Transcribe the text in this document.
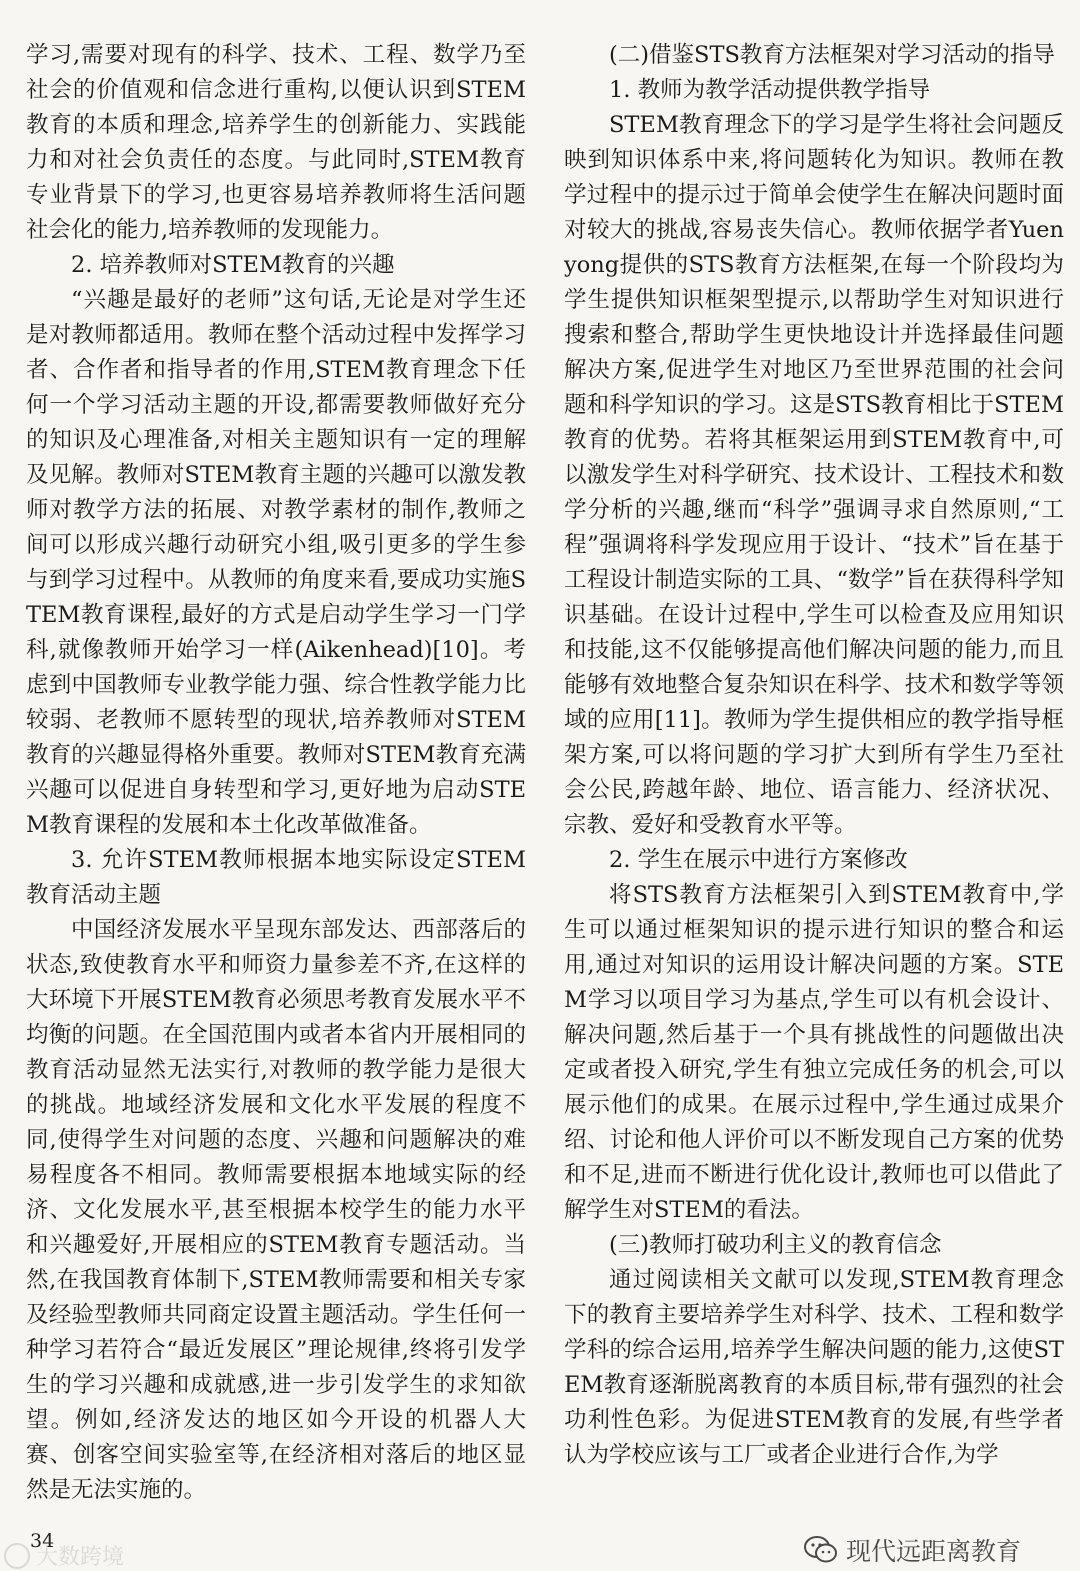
学习,需要对现有的科学、技术、工程、数学乃至社会的价值观和信念进行重构,以便认识到STEM教育的本质和理念,培养学生的创新能力、实践能力和对社会负责任的态度。与此同时,STEM教育专业背景下的学习,也更容易培养教师将生活问题社会化的能力,培养教师的发现能力。

2. 培养教师对STEM教育的兴趣

“兴趣是最好的老师”这句话,无论是对学生还是对教师都适用。教师在整个活动过程中发挥学习者、合作者和指导者的作用,STEM教育理念下任何一个学习活动主题的开设,都需要教师做好充分的知识及心理准备,对相关主题知识有一定的理解及见解。教师对STEM教育主题的兴趣可以激发教师对教学方法的拓展、对教学素材的制作,教师之间可以形成兴趣行动研究小组,吸引更多的学生参与到学习过程中。从教师的角度来看,要成功实施STEM教育课程,最好的方式是启动学生学习一门学科,就像教师开始学习一样(Aikenhead)[10]。考虑到中国教师专业教学能力强、综合性教学能力比较弱、老教师不愿转型的现状,培养教师对STEM教育的兴趣显得格外重要。教师对STEM教育充满兴趣可以促进自身转型和学习,更好地为启动STEM教育课程的发展和本土化改革做准备。

3. 允许STEM教师根据本地实际设定STEM教育活动主题

中国经济发展水平呈现东部发达、西部落后的状态,致使教育水平和师资力量参差不齐,在这样的大环境下开展STEM教育必须思考教育发展水平不均衡的问题。在全国范围内或者本省内开展相同的教育活动显然无法实行,对教师的教学能力是很大的挑战。地域经济发展和文化水平发展的程度不同,使得学生对问题的态度、兴趣和问题解决的难易程度各不相同。教师需要根据本地域实际的经济、文化发展水平,甚至根据本校学生的能力水平和兴趣爱好,开展相应的STEM教育专题活动。当然,在我国教育体制下,STEM教师需要和相关专家及经验型教师共同商定设置主题活动。学生任何一种学习若符合“最近发展区”理论规律,终将引发学生的学习兴趣和成就感,进一步引发学生的求知欲望。例如,经济发达的地区如今开设的机器人大赛、创客空间实验室等,在经济相对落后的地区显然是无法实施的。

(二)借鉴STS教育方法框架对学习活动的指导

1. 教师为教学活动提供教学指导

STEM教育理念下的学习是学生将社会问题反映到知识体系中来,将问题转化为知识。教师在教学过程中的提示过于简单会使学生在解决问题时面对较大的挑战,容易丧失信心。教师依据学者Yuenyong提供的STS教育方法框架,在每一个阶段均为学生提供知识框架型提示,以帮助学生对知识进行搜索和整合,帮助学生更快地设计并选择最佳问题解决方案,促进学生对地区乃至世界范围的社会问题和科学知识的学习。这是STS教育相比于STEM教育的优势。若将其框架运用到STEM教育中,可以激发学生对科学研究、技术设计、工程技术和数学分析的兴趣,继而“科学”强调寻求自然原则,“工程”强调将科学发现应用于设计、“技术”旨在基于工程设计制造实际的工具、“数学”旨在获得科学知识基础。在设计过程中,学生可以检查及应用知识和技能,这不仅能够提高他们解决问题的能力,而且能够有效地整合复杂知识在科学、技术和数学等领域的应用[11]。教师为学生提供相应的教学指导框架方案,可以将问题的学习扩大到所有学生乃至社会公民,跨越年龄、地位、语言能力、经济状况、宗教、爱好和受教育水平等。

2. 学生在展示中进行方案修改

将STS教育方法框架引入到STEM教育中,学生可以通过框架知识的提示进行知识的整合和运用,通过对知识的运用设计解决问题的方案。STEM学习以项目学习为基点,学生可以有机会设计、解决问题,然后基于一个具有挑战性的问题做出决定或者投入研究,学生有独立完成任务的机会,可以展示他们的成果。在展示过程中,学生通过成果介绍、讨论和他人评价可以不断发现自己方案的优势和不足,进而不断进行优化设计,教师也可以借此了解学生对STEM的看法。

(三)教师打破功利主义的教育信念

通过阅读相关文献可以发现,STEM教育理念下的教育主要培养学生对科学、技术、工程和数学学科的综合运用,培养学生解决问题的能力,这使STEM教育逐渐脱离教育的本质目标,带有强烈的社会功利性色彩。为促进STEM教育的发展,有些学者认为学校应该与工厂或者企业进行合作,为学

34
大数跨境	现代远距离教育
